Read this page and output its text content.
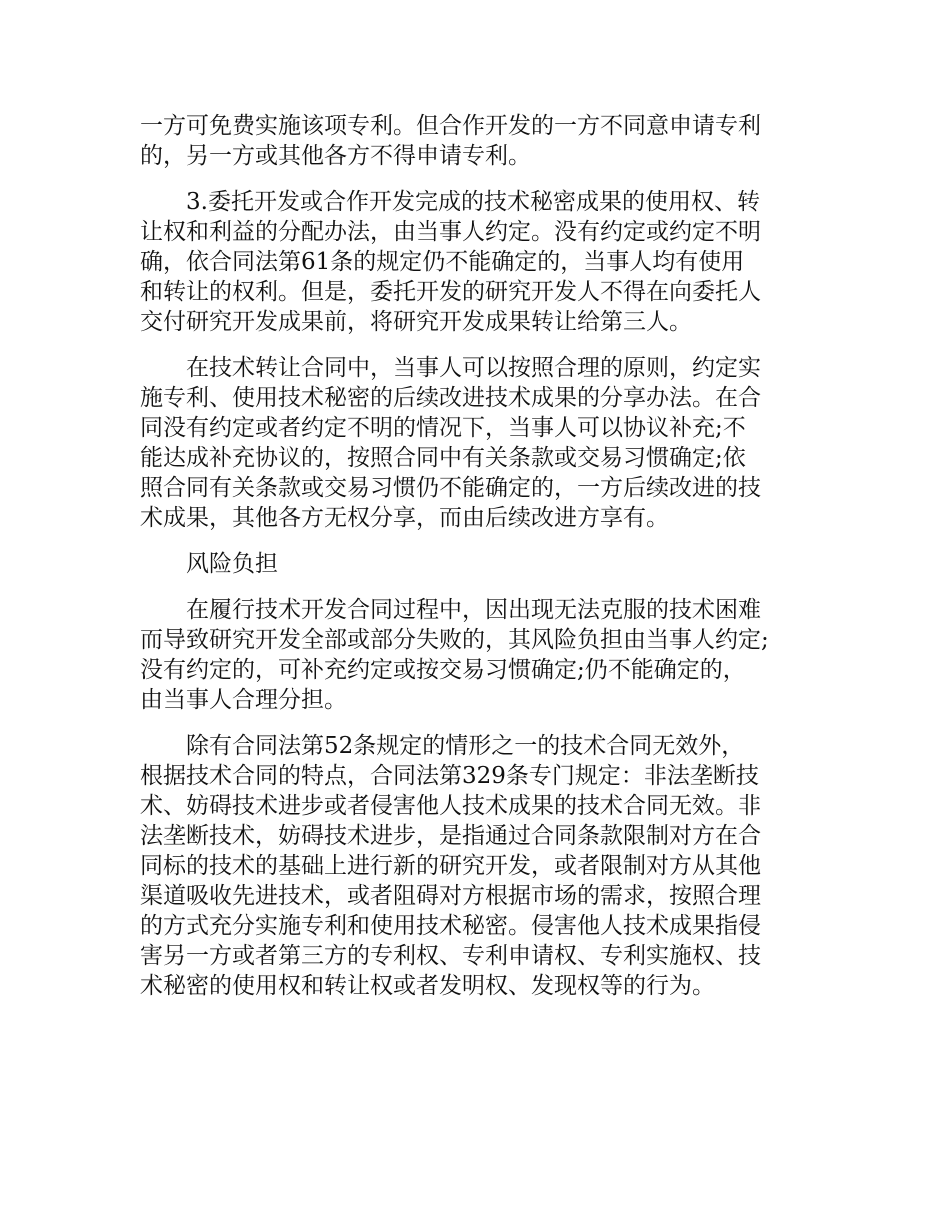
一方可免费实施该项专利。但合作开发的一方不同意申请专利
的，另一方或其他各方不得申请专利。
3.委托开发或合作开发完成的技术秘密成果的使用权、转
让权和利益的分配办法，由当事人约定。没有约定或约定不明
确，依合同法第61条的规定仍不能确定的，当事人均有使用
和转让的权利。但是，委托开发的研究开发人不得在向委托人
交付研究开发成果前，将研究开发成果转让给第三人。
在技术转让合同中，当事人可以按照合理的原则，约定实
施专利、使用技术秘密的后续改进技术成果的分享办法。在合
同没有约定或者约定不明的情况下，当事人可以协议补充;不
能达成补充协议的，按照合同中有关条款或交易习惯确定;依
照合同有关条款或交易习惯仍不能确定的，一方后续改进的技
术成果，其他各方无权分享，而由后续改进方享有。
风险负担
在履行技术开发合同过程中，因出现无法克服的技术困难
而导致研究开发全部或部分失败的，其风险负担由当事人约定;
没有约定的，可补充约定或按交易习惯确定;仍不能确定的，
由当事人合理分担。
除有合同法第52条规定的情形之一的技术合同无效外，
根据技术合同的特点，合同法第329条专门规定：非法垄断技
术、妨碍技术进步或者侵害他人技术成果的技术合同无效。非
法垄断技术，妨碍技术进步，是指通过合同条款限制对方在合
同标的技术的基础上进行新的研究开发，或者限制对方从其他
渠道吸收先进技术，或者阻碍对方根据市场的需求，按照合理
的方式充分实施专利和使用技术秘密。侵害他人技术成果指侵
害另一方或者第三方的专利权、专利申请权、专利实施权、技
术秘密的使用权和转让权或者发明权、发现权等的行为。
